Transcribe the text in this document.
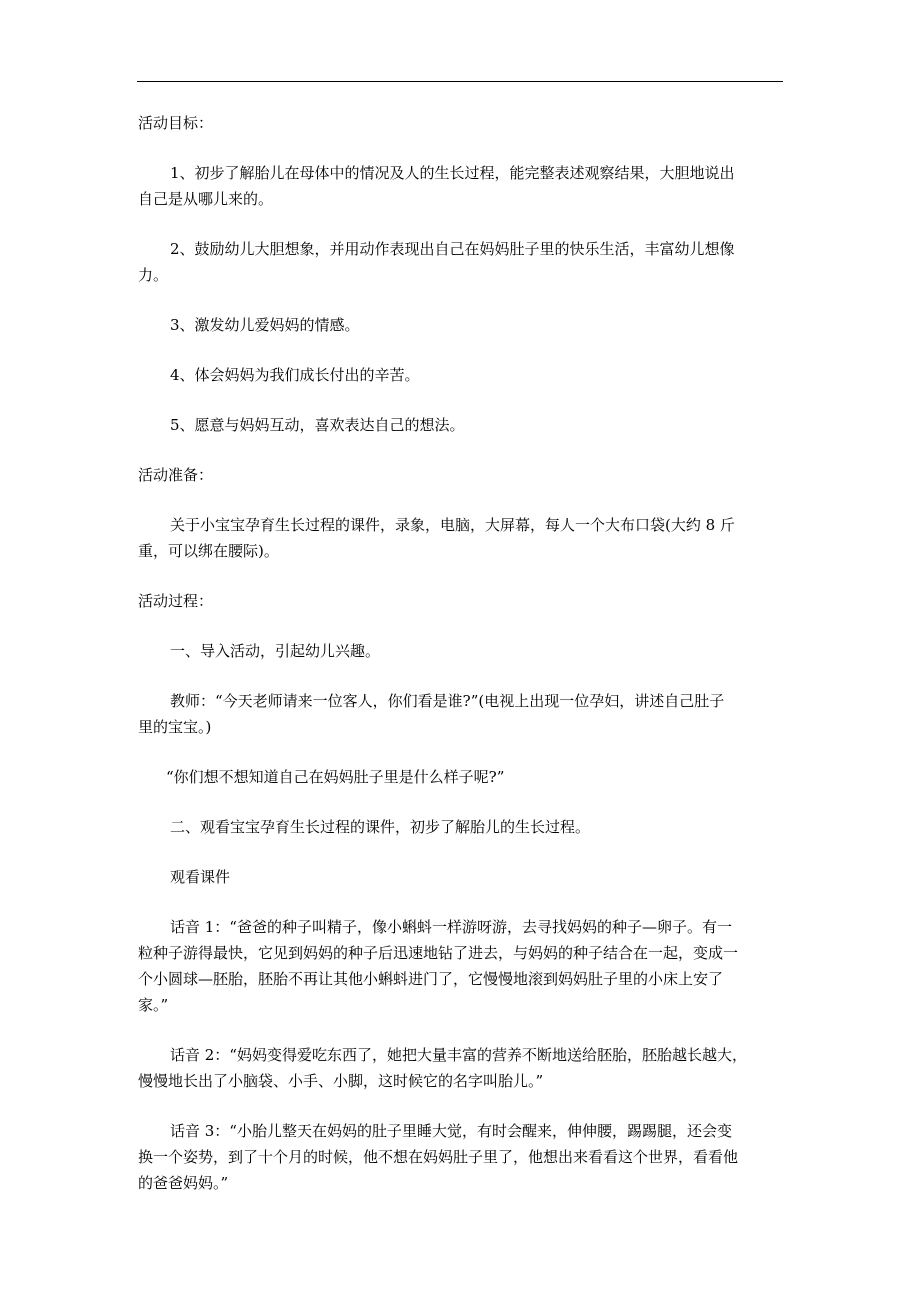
活动目标：

1、初步了解胎儿在母体中的情况及人的生长过程，能完整表述观察结果，大胆地说出

自己是从哪儿来的。

2、鼓励幼儿大胆想象，并用动作表现出自己在妈妈肚子里的快乐生活，丰富幼儿想像

力。

3、激发幼儿爱妈妈的情感。

4、体会妈妈为我们成长付出的辛苦。

5、愿意与妈妈互动，喜欢表达自己的想法。

活动准备：

关于小宝宝孕育生长过程的课件，录象，电脑，大屏幕，每人一个大布口袋(大约 8 斤

重，可以绑在腰际)。

活动过程：

一、导入活动，引起幼儿兴趣。

教师：“今天老师请来一位客人，你们看是谁?”(电视上出现一位孕妇，讲述自己肚子

里的宝宝。)

“你们想不想知道自己在妈妈肚子里是什么样子呢?”

二、观看宝宝孕育生长过程的课件，初步了解胎儿的生长过程。

观看课件

话音 1：“爸爸的种子叫精子，像小蝌蚪一样游呀游，去寻找妈妈的种子—卵子。有一

粒种子游得最快，它见到妈妈的种子后迅速地钻了进去，与妈妈的种子结合在一起，变成一

个小圆球—胚胎，胚胎不再让其他小蝌蚪进门了，它慢慢地滚到妈妈肚子里的小床上安了

家。”

话音 2：“妈妈变得爱吃东西了，她把大量丰富的营养不断地送给胚胎，胚胎越长越大，

慢慢地长出了小脑袋、小手、小脚，这时候它的名字叫胎儿。”

话音 3：“小胎儿整天在妈妈的肚子里睡大觉，有时会醒来，伸伸腰，踢踢腿，还会变

换一个姿势，到了十个月的时候，他不想在妈妈肚子里了，他想出来看看这个世界，看看他

的爸爸妈妈。”
